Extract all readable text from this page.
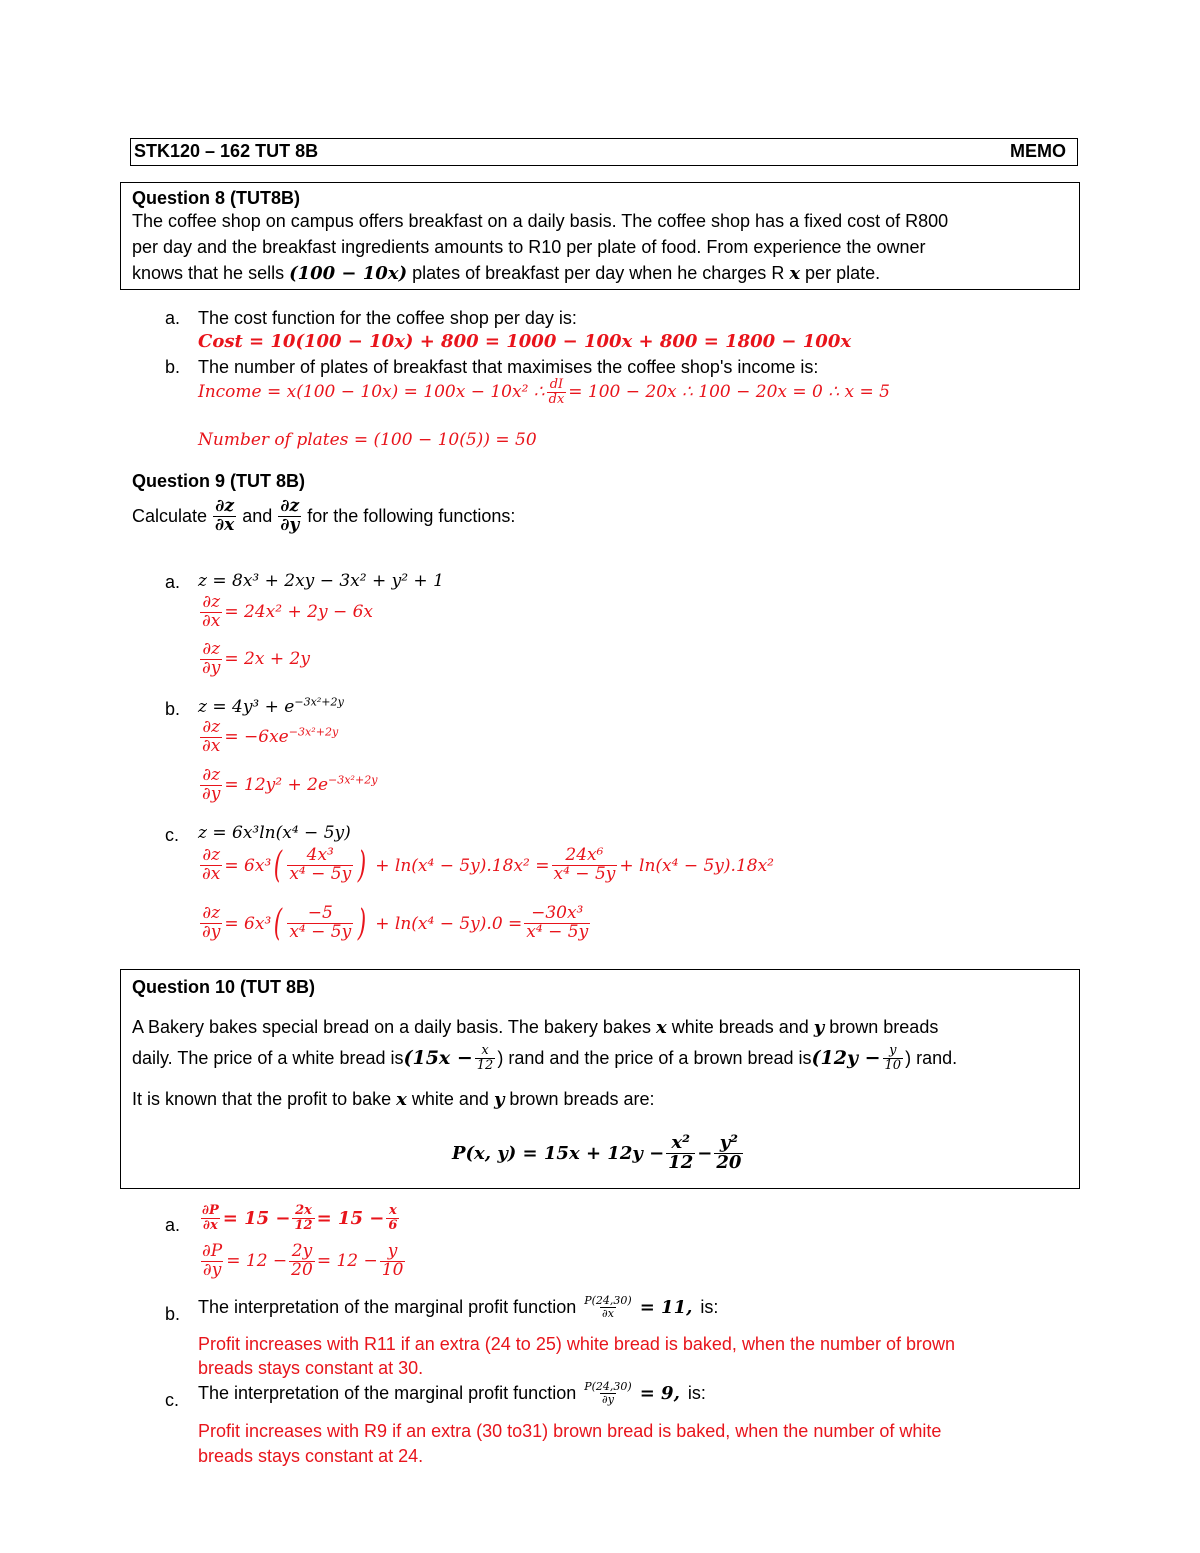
STK120 – 162 TUT 8B	MEMO
Question 8 (TUT8B)
The coffee shop on campus offers breakfast on a daily basis. The coffee shop has a fixed cost of R800
per day and the breakfast ingredients amounts to R10 per plate of food. From experience the owner
knows that he sells (100 − 10x) plates of breakfast per day when he charges R x per plate.
a. The cost function for the coffee shop per day is:
Cost = 10(100 − 10x) + 800 = 1000 − 100x + 800 = 1800 − 100x
b. The number of plates of breakfast that maximises the coffee shop's income is:
Income = x(100 − 10x) = 100x − 10x² ∴ $\frac{dI}{dx} = 100 - 20x$ ∴ 100 − 20x = 0 ∴ x = 5
Number of plates = (100 − 10(5)) = 50
Question 9 (TUT 8B)
Calculate $\frac{\partial z}{\partial x}$ and $\frac{\partial z}{\partial y}$ for the following functions:
a. z = 8x³ + 2xy − 3x² + y² + 1
$\frac{\partial z}{\partial x} = 24x^2 + 2y - 6x$
$\frac{\partial z}{\partial y} = 2x + 2y$
b. $z = 4y^3 + e^{-3x^2+2y}$
$\frac{\partial z}{\partial x} = -6xe^{-3x^2+2y}$
$\frac{\partial z}{\partial y} = 12y^2 + 2e^{-3x^2+2y}$
c. z = 6x³ln(x⁴ − 5y)
$\frac{\partial z}{\partial x} = 6x^3$ ( $\frac{\text{4x³}}{\text{x⁴ − 5y}}$ ) + $\ln(x^4 - 5y).18x^2 = \frac{\text{24x⁶}}{\text{x⁴ − 5y}} + \ln(x^4 - 5y).18x^2$
$\frac{\partial z}{\partial y} = 6x^3$ ( $\frac{-5}{\text{x⁴ − 5y}}$ ) + $\ln(x^4 - 5y).0 = \frac{\text{−30x³}}{\text{x⁴ − 5y}}$
Question 10 (TUT 8B)
A Bakery bakes special bread on a daily basis. The bakery bakes x white breads and y brown breads
daily. The price of a white bread is ($15x - \frac{x}{12}$ ) rand and the price of a brown bread is ($12y - \frac{y}{10}$ ) rand.
It is known that the profit to bake x white and y brown breads are:
P(x, $y) = 15x + 12y - \frac{\text{x²}}{12} - \frac{\text{y²}}{20}$
a. $\frac{\partial P}{\partial x} = 15 - \frac{2x}{12} = 15 - \frac{x}{6}$
$\frac{\partial P}{\partial y} = 12 - \frac{2y}{20} = 12 - \frac{y}{10}$
b. The interpretation of the marginal profit function $\frac{P(24,30)}{\partial x} = 11$, is:
Profit increases with R11 if an extra (24 to 25) white bread is baked, when the number of brown
breads stays constant at 30.
c. The interpretation of the marginal profit function $\frac{P(24,30)}{\partial y} = 9$, is:
Profit increases with R9 if an extra (30 to31) brown bread is baked, when the number of white
breads stays constant at 24.
